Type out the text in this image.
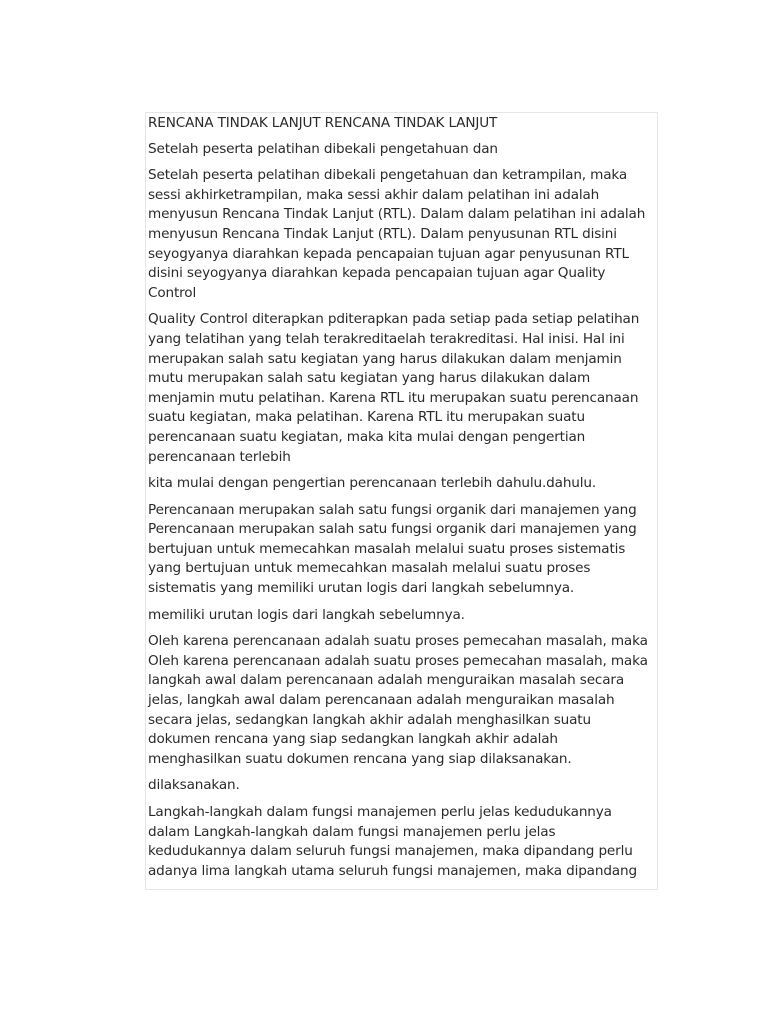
RENCANA TINDAK LANJUT RENCANA TINDAK LANJUT

Setelah peserta pelatihan dibekali pengetahuan dan

Setelah peserta pelatihan dibekali pengetahuan dan ketrampilan, maka sessi akhirketrampilan, maka sessi akhir dalam pelatihan ini adalah menyusun Rencana Tindak Lanjut (RTL). Dalam dalam pelatihan ini adalah menyusun Rencana Tindak Lanjut (RTL). Dalam penyusunan RTL disini seyogyanya diarahkan kepada pencapaian tujuan agar penyusunan RTL disini seyogyanya diarahkan kepada pencapaian tujuan agar Quality Control

Quality Control diterapkan pditerapkan pada setiap pada setiap pelatihan yang telatihan yang telah terakreditaelah terakreditasi. Hal inisi. Hal ini merupakan salah satu kegiatan yang harus dilakukan dalam menjamin mutu merupakan salah satu kegiatan yang harus dilakukan dalam menjamin mutu pelatihan. Karena RTL itu merupakan suatu perencanaan suatu kegiatan, maka pelatihan. Karena RTL itu merupakan suatu perencanaan suatu kegiatan, maka kita mulai dengan pengertian perencanaan terlebih

kita mulai dengan pengertian perencanaan terlebih dahulu.dahulu.

Perencanaan merupakan salah satu fungsi organik dari manajemen yang Perencanaan merupakan salah satu fungsi organik dari manajemen yang bertujuan untuk memecahkan masalah melalui suatu proses sistematis yang bertujuan untuk memecahkan masalah melalui suatu proses sistematis yang memiliki urutan logis dari langkah sebelumnya.

memiliki urutan logis dari langkah sebelumnya.

Oleh karena perencanaan adalah suatu proses pemecahan masalah, maka Oleh karena perencanaan adalah suatu proses pemecahan masalah, maka langkah awal dalam perencanaan adalah menguraikan masalah secara jelas, langkah awal dalam perencanaan adalah menguraikan masalah secara jelas, sedangkan langkah akhir adalah menghasilkan suatu dokumen rencana yang siap sedangkan langkah akhir adalah menghasilkan suatu dokumen rencana yang siap dilaksanakan.

dilaksanakan.

Langkah-langkah dalam fungsi manajemen perlu jelas kedudukannya dalam Langkah-langkah dalam fungsi manajemen perlu jelas kedudukannya dalam seluruh fungsi manajemen, maka dipandang perlu adanya lima langkah utama seluruh fungsi manajemen, maka dipandang
